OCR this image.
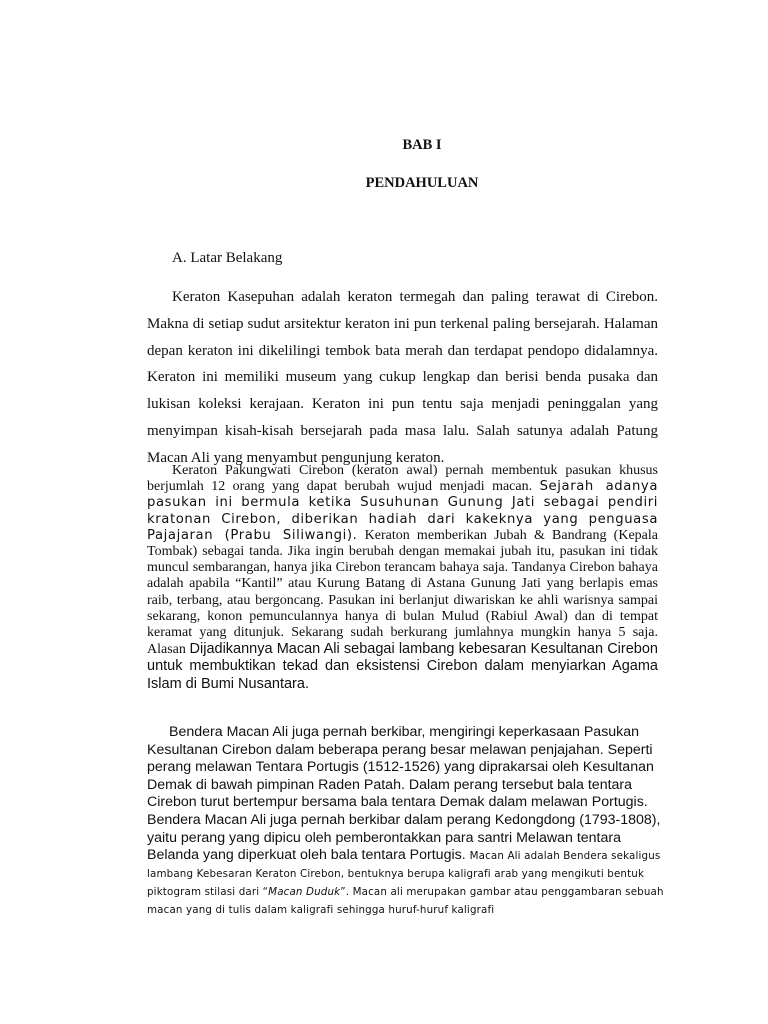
BAB I
PENDAHULUAN
A. Latar Belakang

Keraton Kasepuhan adalah keraton termegah dan paling terawat di Cirebon. Makna di setiap sudut arsitektur keraton ini pun terkenal paling bersejarah. Halaman depan keraton ini dikelilingi tembok bata merah dan terdapat pendopo didalamnya. Keraton ini memiliki museum yang cukup lengkap dan berisi benda pusaka dan lukisan koleksi kerajaan. Keraton ini pun tentu saja menjadi peninggalan yang menyimpan kisah-kisah bersejarah pada masa lalu. Salah satunya adalah Patung Macan Ali yang menyambut pengunjung keraton.

Keraton Pakungwati Cirebon (keraton awal) pernah membentuk pasukan khusus berjumlah 12 orang yang dapat berubah wujud menjadi macan. Sejarah adanya pasukan ini bermula ketika Susuhunan Gunung Jati sebagai pendiri kratonan Cirebon, diberikan hadiah dari kakeknya yang penguasa Pajajaran (Prabu Siliwangi). Keraton memberikan Jubah & Bandrang (Kepala Tombak) sebagai tanda. Jika ingin berubah dengan memakai jubah itu, pasukan ini tidak muncul sembarangan, hanya jika Cirebon terancam bahaya saja. Tandanya Cirebon bahaya adalah apabila “Kantil” atau Kurung Batang di Astana Gunung Jati yang berlapis emas raib, terbang, atau bergoncang. Pasukan ini berlanjut diwariskan ke ahli warisnya sampai sekarang, konon pemunculannya hanya di bulan Mulud (Rabiul Awal) dan di tempat keramat yang ditunjuk. Sekarang sudah berkurang jumlahnya mungkin hanya 5 saja. Alasan Dijadikannya Macan Ali sebagai lambang kebesaran Kesultanan Cirebon untuk membuktikan tekad dan eksistensi Cirebon dalam menyiarkan Agama Islam di Bumi Nusantara.

Bendera Macan Ali juga pernah berkibar, mengiringi keperkasaan Pasukan Kesultanan Cirebon dalam beberapa perang besar melawan penjajahan. Seperti perang melawan Tentara Portugis (1512-1526) yang diprakarsai oleh Kesultanan Demak di bawah pimpinan Raden Patah. Dalam perang tersebut bala tentara Cirebon turut bertempur bersama bala tentara Demak dalam melawan Portugis. Bendera Macan Ali juga pernah berkibar dalam perang Kedongdong (1793-1808), yaitu perang yang dipicu oleh pemberontakkan para santri Melawan tentara Belanda yang diperkuat oleh bala tentara Portugis. Macan Ali adalah Bendera sekaligus lambang Kebesaran Keraton Cirebon, bentuknya berupa kaligrafi arab yang mengikuti bentuk piktogram stilasi dari “Macan Duduk”. Macan ali merupakan gambar atau penggambaran sebuah macan yang di tulis dalam kaligrafi sehingga huruf-huruf kaligrafi
